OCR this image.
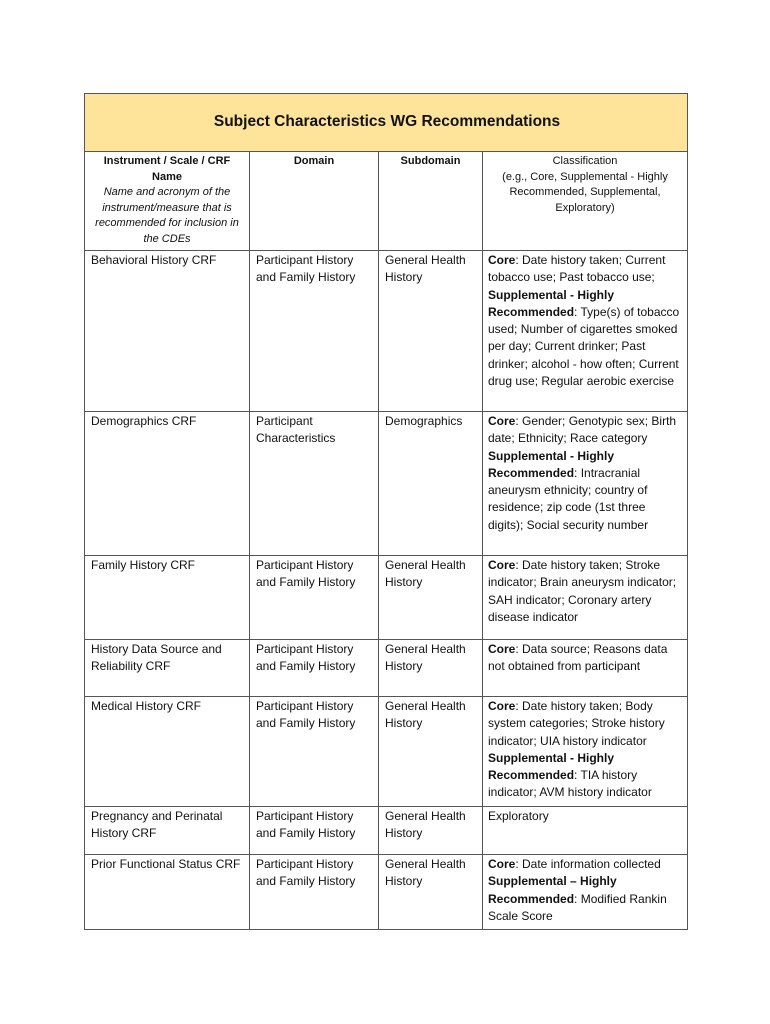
Subject Characteristics WG Recommendations			
Instrument / Scale / CRF Name
Name and acronym of the instrument/measure that is recommended for inclusion in the CDEs	Domain	Subdomain	Classification
(e.g., Core, Supplemental - Highly Recommended, Supplemental, Exploratory)

Behavioral History CRF	Participant History and Family History	General Health History	Core: Date history taken; Current tobacco use; Past tobacco use;
Supplemental - Highly Recommended: Type(s) of tobacco used; Number of cigarettes smoked per day; Current drinker; Past drinker; alcohol - how often; Current drug use; Regular aerobic exercise

Demographics CRF	Participant Characteristics	Demographics	Core: Gender; Genotypic sex; Birth date; Ethnicity; Race category
Supplemental - Highly Recommended: Intracranial aneurysm ethnicity; country of residence; zip code (1st three digits); Social security number

Family History CRF	Participant History and Family History	General Health History	Core: Date history taken; Stroke indicator; Brain aneurysm indicator; SAH indicator; Coronary artery disease indicator
History Data Source and Reliability CRF	Participant History and Family History	General Health History	Core: Data source; Reasons data not obtained from participant
Medical History CRF	Participant History and Family History	General Health History	Core: Date history taken; Body system categories; Stroke history indicator; UIA history indicator
Supplemental - Highly Recommended: TIA history indicator; AVM history indicator

Pregnancy and Perinatal History CRF	Participant History and Family History	General Health History	Exploratory
Prior Functional Status CRF	Participant History and Family History	General Health History	Core: Date information collected
Supplemental – Highly Recommended: Modified Rankin Scale Score
